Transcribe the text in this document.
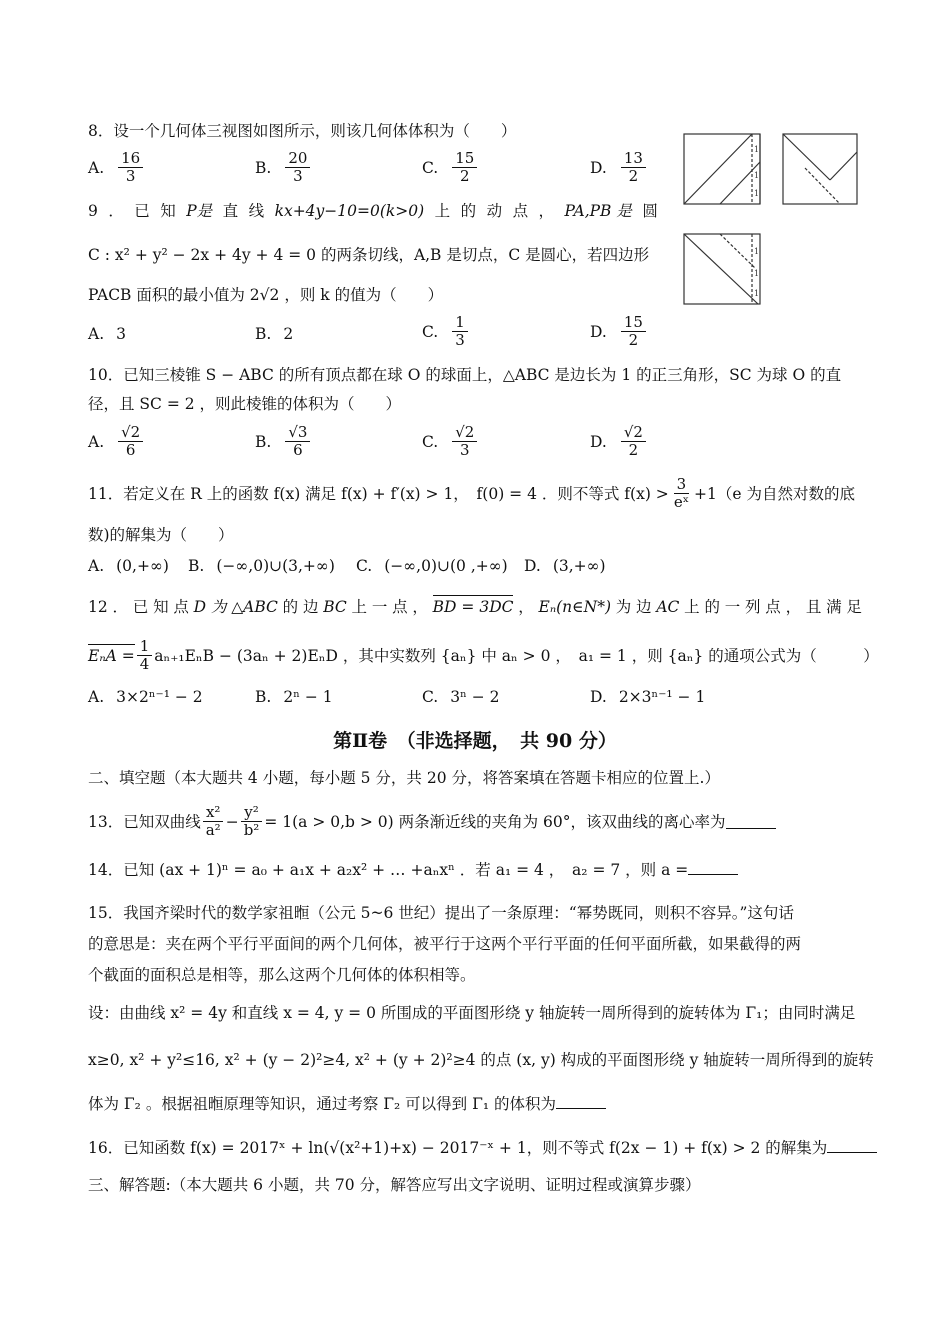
8．设一个几何体三视图如图所示，则该几何体体积为（　　）
A. $\frac{16}{3}$	B. $\frac{20}{3}$	C. $\frac{15}{2}$	D. $\frac{13}{2}$
1
1
1
1
1
1
9 ． 已 知 P是 直 线 kx+4y−10=0(k>0) 上 的 动 点 ， PA,PB 是 圆
C : x² + y² − 2x + 4y + 4 = 0 的两条切线，A,B 是切点，C 是圆心，若四边形
PACB 面积的最小值为 2√2 ，则 k 的值为（　　）
A. 3	B. 2	C. $\frac{1}{3}$	D. $\frac{15}{2}$
10．已知三棱锥 S − ABC 的所有顶点都在球 O 的球面上，△ABC 是边长为 1 的正三角形，SC 为球 O 的直
径，且 SC = 2 ，则此棱锥的体积为（　　）
A. $\frac{√2}{6}$	B. $\frac{√3}{6}$	C. $\frac{√2}{3}$	D. $\frac{√2}{2}$
11．若定义在 R 上的函数 f(x) 满足 f(x) + f′(x) > 1，　f(0) = 4 ．则不等式 $f(x) > \frac{3}{\text{eˣ}} +1(e$ 为自然对数的底
数)的解集为（　　）
A. (0,+∞) B. (−∞,0)∪(3,+∞) C. (−∞,0)∪(0 ,+∞) D. (3,+∞)
12 ． 已 知 点 D 为 △ABC 的 边 BC 上 一 点 ， BD = 3DC ， Eₙ(n∈N*) 为 边 AC 上 的 一 列 点 ， 且 满 足
$E_nA = \frac{1}{4} a_{n+1}E_nB - (3a_n + 2)E_nD$ ，其中实数列 {aₙ} 中 aₙ > 0 ，　a₁ = 1 ，则 {aₙ} 的通项公式为（　　　）
A. 3×2ⁿ⁻¹ − 2	B. 2ⁿ − 1	C. 3ⁿ − 2	D. 2×3ⁿ⁻¹ − 1
第Ⅱ卷　（非选择题，　共 90 分）
二、填空题（本大题共 4 小题，每小题 5 分，共 20 分，将答案填在答题卡相应的位置上.）
13．已知双曲线 $\frac{\text{x²}}{\text{a²}} - \frac{\text{y²}}{\text{b²}} = 1(a > 0,b > 0)$ 两条渐近线的夹角为 60°，该双曲线的离心率为
14．已知 (ax + 1)ⁿ = a₀ + a₁x + a₂x² + … +aₙxⁿ ．若 a₁ = 4 ，　a₂ = 7 ，则 a =
15．我国齐梁时代的数学家祖暅（公元 5~6 世纪）提出了一条原理：“幂势既同，则积不容异。”这句话
的意思是：夹在两个平行平面间的两个几何体，被平行于这两个平行平面的任何平面所截，如果截得的两
个截面的面积总是相等，那么这两个几何体的体积相等。
设：由曲线 x² = 4y 和直线 x = 4, y = 0 所围成的平面图形绕 y 轴旋转一周所得到的旋转体为 Γ₁；由同时满足
x≥0, x² + y²≤16, x² + (y − 2)²≥4, x² + (y + 2)²≥4 的点 (x, y) 构成的平面图形绕 y 轴旋转一周所得到的旋转
体为 Γ₂ 。根据祖暅原理等知识，通过考察 Γ₂ 可以得到 Γ₁ 的体积为
16．已知函数 f(x) = 2017ˣ + ln(√(x²+1)+x) − 2017⁻ˣ + 1，则不等式 f(2x − 1) + f(x) > 2 的解集为
三、解答题:（本大题共 6 小题，共 70 分，解答应写出文字说明、证明过程或演算步骤）
